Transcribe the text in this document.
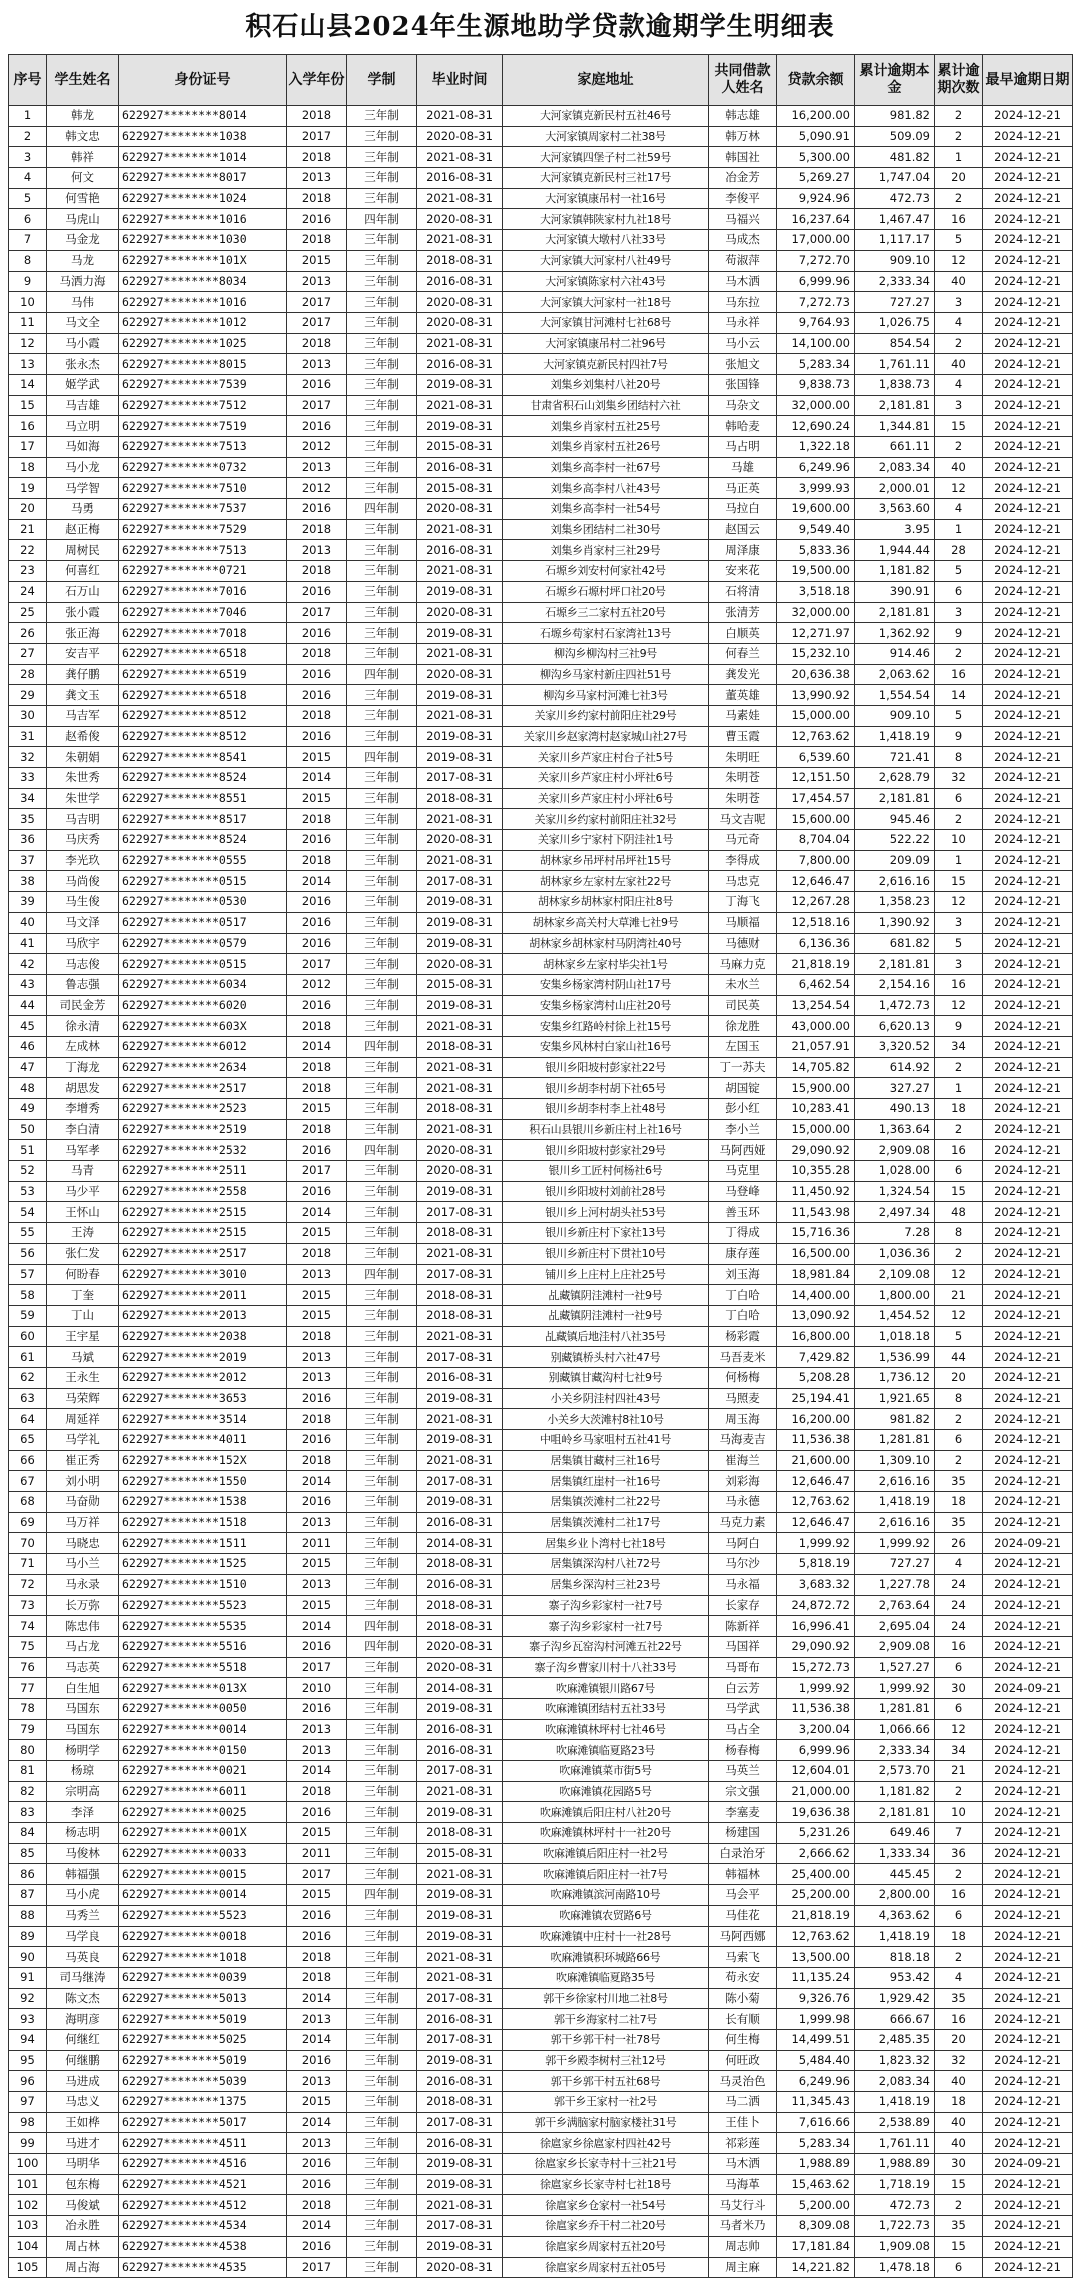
积石山县2024年生源地助学贷款逾期学生明细表
序号	学生姓名	身份证号	入学年份	学制	毕业时间	家庭地址	共同借款人姓名	贷款余额	累计逾期本金	累计逾期次数	最早逾期日期
1	韩龙	622927********8014	2018	三年制	2021-08-31	大河家镇克新民村五社46号	韩志雄	16,200.00	981.82	2	2024-12-21
2	韩文忠	622927********1038	2017	三年制	2020-08-31	大河家镇周家村二社38号	韩万林	5,090.91	509.09	2	2024-12-21
3	韩祥	622927********1014	2018	三年制	2021-08-31	大河家镇四堡子村二社59号	韩国社	5,300.00	481.82	1	2024-12-21
4	何文	622927********8017	2013	三年制	2016-08-31	大河家镇克新民村三社17号	冶金芳	5,269.27	1,747.04	20	2024-12-21
5	何雪艳	622927********1024	2018	三年制	2021-08-31	大河家镇康吊村一社16号	李俊平	9,924.96	472.73	2	2024-12-21
6	马虎山	622927********1016	2016	四年制	2020-08-31	大河家镇韩陕家村九社18号	马福兴	16,237.64	1,467.47	16	2024-12-21
7	马金龙	622927********1030	2018	三年制	2021-08-31	大河家镇大墩村八社33号	马成杰	17,000.00	1,117.17	5	2024-12-21
8	马龙	622927********101X	2015	三年制	2018-08-31	大河家镇大河家村八社49号	苟淑萍	7,272.70	909.10	12	2024-12-21
9	马洒力海	622927********8034	2013	三年制	2016-08-31	大河家镇陈家村六社43号	马木洒	6,999.96	2,333.34	40	2024-12-21
10	马伟	622927********1016	2017	三年制	2020-08-31	大河家镇大河家村一社18号	马东拉	7,272.73	727.27	3	2024-12-21
11	马文全	622927********1012	2017	三年制	2020-08-31	大河家镇甘河滩村七社68号	马永祥	9,764.93	1,026.75	4	2024-12-21
12	马小霞	622927********1025	2018	三年制	2021-08-31	大河家镇康吊村二社96号	马小云	14,100.00	854.54	2	2024-12-21
13	张永杰	622927********8015	2013	三年制	2016-08-31	大河家镇克新民村四社7号	张旭文	5,283.34	1,761.11	40	2024-12-21
14	姬学武	622927********7539	2016	三年制	2019-08-31	刘集乡刘集村八社20号	张国锋	9,838.73	1,838.73	4	2024-12-21
15	马吉雄	622927********7512	2017	三年制	2021-08-31	甘肃省积石山刘集乡团结村六社	马杂文	32,000.00	2,181.81	3	2024-12-21
16	马立明	622927********7519	2016	三年制	2019-08-31	刘集乡肖家村五社25号	韩哈麦	12,690.24	1,344.81	15	2024-12-21
17	马如海	622927********7513	2012	三年制	2015-08-31	刘集乡肖家村五社26号	马占明	1,322.18	661.11	2	2024-12-21
18	马小龙	622927********0732	2013	三年制	2016-08-31	刘集乡高李村一社67号	马雄	6,249.96	2,083.34	40	2024-12-21
19	马学智	622927********7510	2012	三年制	2015-08-31	刘集乡高李村八社43号	马正英	3,999.93	2,000.01	12	2024-12-21
20	马勇	622927********7537	2016	四年制	2020-08-31	刘集乡高李村一社54号	马拉白	19,600.00	3,563.60	4	2024-12-21
21	赵正梅	622927********7529	2018	三年制	2021-08-31	刘集乡团结村二社30号	赵国云	9,549.40	3.95	1	2024-12-21
22	周树民	622927********7513	2013	三年制	2016-08-31	刘集乡肖家村三社29号	周泽康	5,833.36	1,944.44	28	2024-12-21
23	何喜红	622927********0721	2018	三年制	2021-08-31	石塬乡刘安村何家社42号	安来花	19,500.00	1,181.82	5	2024-12-21
24	石万山	622927********7016	2016	三年制	2019-08-31	石塬乡石塬村坪口社20号	石将清	3,518.18	390.91	6	2024-12-21
25	张小霞	622927********7046	2017	三年制	2020-08-31	石塬乡三二家村五社20号	张清芳	32,000.00	2,181.81	3	2024-12-21
26	张正海	622927********7018	2016	三年制	2019-08-31	石塬乡苟家村石家湾社13号	白顺英	12,271.97	1,362.92	9	2024-12-21
27	安吉平	622927********6518	2018	三年制	2021-08-31	柳沟乡柳沟村三社9号	何春兰	15,232.10	914.46	2	2024-12-21
28	龚仔鹏	622927********6519	2016	四年制	2020-08-31	柳沟乡马家村新庄四社51号	龚发光	20,636.38	2,063.62	16	2024-12-21
29	龚文玉	622927********6518	2016	三年制	2019-08-31	柳沟乡马家村河滩七社3号	董英雄	13,990.92	1,554.54	14	2024-12-21
30	马吉军	622927********8512	2018	三年制	2021-08-31	关家川乡约家村前阳庄社29号	马素娃	15,000.00	909.10	5	2024-12-21
31	赵希俊	622927********8512	2016	三年制	2019-08-31	关家川乡赵家湾村赵家城山社27号	曹玉霞	12,763.62	1,418.19	9	2024-12-21
32	朱朝娟	622927********8541	2015	四年制	2019-08-31	关家川乡芦家庄村台子社5号	朱明旺	6,539.60	721.41	8	2024-12-21
33	朱世秀	622927********8524	2014	三年制	2017-08-31	关家川乡芦家庄村小坪社6号	朱明苍	12,151.50	2,628.79	32	2024-12-21
34	朱世学	622927********8551	2015	三年制	2018-08-31	关家川乡芦家庄村小坪社6号	朱明苍	17,454.57	2,181.81	6	2024-12-21
35	马吉明	622927********8517	2018	三年制	2021-08-31	关家川乡约家村前阳庄社32号	马文吉呢	15,600.00	945.46	2	2024-12-21
36	马庆秀	622927********8524	2016	三年制	2020-08-31	关家川乡宁家村下阴洼社1号	马元奇	8,704.04	522.22	10	2024-12-21
37	李光玖	622927********0555	2018	三年制	2021-08-31	胡林家乡吊坪村吊坪社15号	李得成	7,800.00	209.09	1	2024-12-21
38	马尚俊	622927********0515	2014	三年制	2017-08-31	胡林家乡左家村左家社22号	马忠克	12,646.47	2,616.16	15	2024-12-21
39	马生俊	622927********0530	2016	三年制	2019-08-31	胡林家乡胡林家村阳庄社8号	丁海飞	12,267.28	1,358.23	12	2024-12-21
40	马文泽	622927********0517	2016	三年制	2019-08-31	胡林家乡高关村大草滩七社9号	马顺福	12,518.16	1,390.92	3	2024-12-21
41	马欣宇	622927********0579	2016	三年制	2019-08-31	胡林家乡胡林家村马阴湾社40号	马德财	6,136.36	681.82	5	2024-12-21
42	马志俊	622927********0515	2017	三年制	2020-08-31	胡林家乡左家村毕尖社1号	马麻力克	21,818.19	2,181.81	3	2024-12-21
43	鲁志强	622927********6034	2012	三年制	2015-08-31	安集乡杨家湾村阴山社17号	未水兰	6,462.54	2,154.16	16	2024-12-21
44	司民金芳	622927********6020	2016	三年制	2019-08-31	安集乡杨家湾村山庄社20号	司民英	13,254.54	1,472.73	12	2024-12-21
45	徐永清	622927********603X	2018	三年制	2021-08-31	安集乡红路岭村徐上社15号	徐龙胜	43,000.00	6,620.13	9	2024-12-21
46	左成林	622927********6012	2014	四年制	2018-08-31	安集乡风林村白家山社16号	左国玉	21,057.91	3,320.52	34	2024-12-21
47	丁海龙	622927********2634	2018	三年制	2021-08-31	银川乡阳坡村彭家社22号	丁一苏夫	14,705.82	614.92	2	2024-12-21
48	胡思发	622927********2517	2018	三年制	2021-08-31	银川乡胡李村胡下社65号	胡国锭	15,900.00	327.27	1	2024-12-21
49	李增秀	622927********2523	2015	三年制	2018-08-31	银川乡胡李村李上社48号	彭小红	10,283.41	490.13	18	2024-12-21
50	李白清	622927********2519	2018	三年制	2021-08-31	积石山县银川乡新庄村上社16号	李小兰	15,000.00	1,363.64	2	2024-12-21
51	马军孝	622927********2532	2016	四年制	2020-08-31	银川乡阳坡村彭家社29号	马阿西娅	29,090.92	2,909.08	16	2024-12-21
52	马青	622927********2511	2017	三年制	2020-08-31	银川乡工匠村何杨社6号	马克里	10,355.28	1,028.00	6	2024-12-21
53	马少平	622927********2558	2016	三年制	2019-08-31	银川乡阳坡村刘前社28号	马登峰	11,450.92	1,324.54	15	2024-12-21
54	王怀山	622927********2515	2014	三年制	2017-08-31	银川乡上河村胡头社53号	善玉环	11,543.98	2,497.34	48	2024-12-21
55	王涛	622927********2515	2015	三年制	2018-08-31	银川乡新庄村下家社13号	丁得成	15,716.36	7.28	8	2024-12-21
56	张仁发	622927********2517	2018	三年制	2021-08-31	银川乡新庄村下贯社10号	康存莲	16,500.00	1,036.36	2	2024-12-21
57	何盼春	622927********3010	2013	四年制	2017-08-31	铺川乡上庄村上庄社25号	刘玉海	18,981.84	2,109.08	12	2024-12-21
58	丁奎	622927********2011	2015	三年制	2018-08-31	乩藏镇阴洼滩村一社9号	丁白哈	14,400.00	1,800.00	21	2024-12-21
59	丁山	622927********2013	2015	三年制	2018-08-31	乩藏镇阴洼滩村一社9号	丁白哈	13,090.92	1,454.52	12	2024-12-21
60	王宇星	622927********2038	2018	三年制	2021-08-31	乩藏镇后地洼村八社35号	杨彩霞	16,800.00	1,018.18	5	2024-12-21
61	马斌	622927********2019	2013	三年制	2017-08-31	别藏镇桥头村六社47号	马吾麦米	7,429.82	1,536.99	44	2024-12-21
62	王永生	622927********2012	2013	三年制	2016-08-31	别藏镇甘藏沟村七社9号	何杨梅	5,208.28	1,736.12	20	2024-12-21
63	马荣辉	622927********3653	2016	三年制	2019-08-31	小关乡阴洼村四社43号	马照麦	25,194.41	1,921.65	8	2024-12-21
64	周延祥	622927********3514	2018	三年制	2021-08-31	小关乡大茨滩村8社10号	周玉海	16,200.00	981.82	2	2024-12-21
65	马学礼	622927********4011	2016	三年制	2019-08-31	中咀岭乡马家咀村五社41号	马海麦吉	11,536.38	1,281.81	6	2024-12-21
66	崔正秀	622927********152X	2018	三年制	2021-08-31	居集镇甘藏村三社16号	崔海兰	21,600.00	1,309.10	2	2024-12-21
67	刘小明	622927********1550	2014	三年制	2017-08-31	居集镇红崖村一社16号	刘彩海	12,646.47	2,616.16	35	2024-12-21
68	马奋勋	622927********1538	2016	三年制	2019-08-31	居集镇茨滩村二社22号	马永德	12,763.62	1,418.19	18	2024-12-21
69	马万祥	622927********1518	2013	三年制	2016-08-31	居集镇茨滩村二社17号	马克力素	12,646.47	2,616.16	35	2024-12-21
70	马晓忠	622927********1511	2011	三年制	2014-08-31	居集乡业卜湾村七社18号	马阿白	1,999.92	1,999.92	26	2024-09-21
71	马小兰	622927********1525	2015	三年制	2018-08-31	居集镇深沟村八社72号	马尔沙	5,818.19	727.27	4	2024-12-21
72	马永录	622927********1510	2013	三年制	2016-08-31	居集乡深沟村三社23号	马永福	3,683.32	1,227.78	24	2024-12-21
73	长万弥	622927********5523	2015	三年制	2018-08-31	寨子沟乡彩家村一社7号	长家存	24,872.72	2,763.64	24	2024-12-21
74	陈忠伟	622927********5535	2014	四年制	2018-08-31	寨子沟乡彩家村一社7号	陈新祥	16,996.41	2,695.04	24	2024-12-21
75	马占龙	622927********5516	2016	四年制	2020-08-31	寨子沟乡瓦窑沟村河滩五社22号	马国祥	29,090.92	2,909.08	16	2024-12-21
76	马志英	622927********5518	2017	三年制	2020-08-31	寨子沟乡曹家川村十八社33号	马哥布	15,272.73	1,527.27	6	2024-12-21
77	白生旭	622927********013X	2010	三年制	2014-08-31	吹麻滩镇银川路67号	白云芳	1,999.92	1,999.92	30	2024-09-21
78	马国东	622927********0050	2016	三年制	2019-08-31	吹麻滩镇团结村五社33号	马学武	11,536.38	1,281.81	6	2024-12-21
79	马国东	622927********0014	2013	三年制	2016-08-31	吹麻滩镇林坪村七社46号	马占全	3,200.04	1,066.66	12	2024-12-21
80	杨明学	622927********0150	2013	三年制	2016-08-31	吹麻滩镇临夏路23号	杨春梅	6,999.96	2,333.34	34	2024-12-21
81	杨琼	622927********0021	2014	三年制	2017-08-31	吹麻滩镇菜市街5号	马英兰	12,604.01	2,573.70	21	2024-12-21
82	宗明高	622927********6011	2018	三年制	2021-08-31	吹麻滩镇花园路5号	宗文强	21,000.00	1,181.82	2	2024-12-21
83	李泽	622927********0025	2016	三年制	2019-08-31	吹麻滩镇后阳庄村八社20号	李塞麦	19,636.38	2,181.81	10	2024-12-21
84	杨志明	622927********001X	2015	三年制	2018-08-31	吹麻滩镇林坪村十一社20号	杨建国	5,231.26	649.46	7	2024-12-21
85	马俊林	622927********0033	2011	三年制	2015-08-31	吹麻滩镇后阳庄村一社2号	白录治牙	2,666.62	1,333.34	36	2024-12-21
86	韩福强	622927********0015	2017	三年制	2021-08-31	吹麻滩镇后阳庄村一社7号	韩福林	25,400.00	445.45	2	2024-12-21
87	马小虎	622927********0014	2015	四年制	2019-08-31	吹麻滩镇滨河南路10号	马会平	25,200.00	2,800.00	16	2024-12-21
88	马秀兰	622927********5523	2016	三年制	2019-08-31	吹麻滩镇农贸路6号	马佳花	21,818.19	4,363.62	6	2024-12-21
89	马学良	622927********0018	2016	三年制	2019-08-31	吹麻滩镇中庄村十一社28号	马阿西娜	12,763.62	1,418.19	18	2024-12-21
90	马英良	622927********1018	2018	三年制	2021-08-31	吹麻滩镇积环城路66号	马索飞	13,500.00	818.18	2	2024-12-21
91	司马继涛	622927********0039	2018	三年制	2021-08-31	吹麻滩镇临夏路35号	苟永安	11,135.24	953.42	4	2024-12-21
92	陈文杰	622927********5013	2014	三年制	2017-08-31	郭干乡徐家村川地二社8号	陈小菊	9,326.76	1,929.42	35	2024-12-21
93	海明彦	622927********5019	2013	三年制	2016-08-31	郭干乡海家村二社7号	长有顺	1,999.98	666.67	16	2024-12-21
94	何继红	622927********5025	2014	三年制	2017-08-31	郭干乡郭干村一社78号	何生梅	14,499.51	2,485.35	20	2024-12-21
95	何继鹏	622927********5019	2016	三年制	2019-08-31	郭干乡殿李树村三社12号	何旺政	5,484.40	1,823.32	32	2024-12-21
96	马进成	622927********5039	2013	三年制	2016-08-31	郭干乡郭干村五社68号	马灵治色	6,249.96	2,083.34	40	2024-12-21
97	马忠义	622927********1375	2015	三年制	2018-08-31	郭干乡王家村一社2号	马二洒	11,345.43	1,418.19	18	2024-12-21
98	王如桦	622927********5017	2014	三年制	2017-08-31	郭干乡满脑家村脑家楼社31号	王佳卜	7,616.66	2,538.89	40	2024-12-21
99	马进才	622927********4511	2013	三年制	2016-08-31	徐扈家乡徐扈家村四社42号	祁彩莲	5,283.34	1,761.11	40	2024-12-21
100	马明华	622927********4516	2016	三年制	2019-08-31	徐扈家乡长家寺村十三社21号	马木洒	1,988.89	1,988.89	30	2024-09-21
101	包东梅	622927********4521	2016	三年制	2019-08-31	徐扈家乡长家寺村七社18号	马海革	15,463.62	1,718.19	15	2024-12-21
102	马俊斌	622927********4512	2018	三年制	2021-08-31	徐扈家乡仓家村一社54号	马艾行斗	5,200.00	472.73	2	2024-12-21
103	冶永胜	622927********4534	2014	三年制	2017-08-31	徐扈家乡乔干村二社20号	马者米乃	8,309.08	1,722.73	35	2024-12-21
104	周占林	622927********4538	2016	三年制	2019-08-31	徐扈家乡周家村五社20号	周志帅	17,181.84	1,909.08	15	2024-12-21
105	周占海	622927********4535	2017	三年制	2020-08-31	徐扈家乡周家村五社05号	周主麻	14,221.82	1,478.18	6	2024-12-21
